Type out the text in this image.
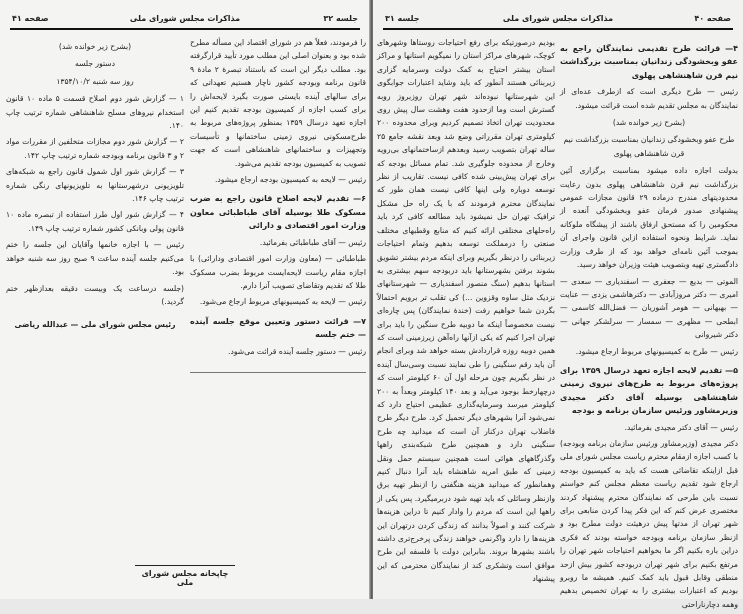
جلسه ۳۲
مذاکرات مجلس شورای ملی
صفحه ۴۱

را فرمودند، فعلاً هم در شورای اقتصاد این مسأله مطرح شده بود و بعنوان اصلی این مطلب مورد تأیید قرارگرفته بود. مطلب دیگر این است که باستناد تبصرهٔ ۲ مادهٔ ۹ قانون برنامه وبودجه کشور ناچار هستیم تعهداتی که برای سالهای آینده بایستی صورت بگیرد لایحه‌اش را برای کسب اجازه از کمیسیون بودجه تقدیم کنیم این اجازه تعهد درسال ۱۳۵۹ بمنظور پروژه‌های مربوط به طرح‌مسکونی نیروی زمینی ساختمانها و تأسیسات وتجهیزات و ساختمانهای شاهنشاهی است که جهت تصویب به کمیسیون بودجه تقدیم می‌شود.

رئیس — لایحه به کمیسیون بودجه ارجاع میشود.

۶— تقدیم لایحه اصلاح قانون راجع به ضرب مسکوک طلا بوسیله آقای طباطبائی معاون وزارت امور اقتصادی و دارائی

رئیس — آقای طباطبائی بفرمائید.

طباطبائی — (معاون وزارت امور اقتصادی ودارائی) با اجازه مقام ریاست لایحه‌ایست مربوط بضرب مسکوک طلا که تقدیم وتقاضای تصویب آنرا دارم.

رئیس — لایحه به کمیسیونهای مربوط ارجاع می‌شود.

۷— قرائت دستور وتعیین موقع جلسه آینده — ختم جلسه

رئیس — دستور جلسه آینده قرائت می‌شود.

(بشرح زیر خوانده شد)

دستور جلسه

روز سه شنبه ۱۳۵۴/۱۰/۲

۱ — گزارش شور دوم اصلاح قسمت ۵ ماده ۱۰ قانون استخدام نیروهای مسلح شاهنشاهی شماره ترتیب چاپ ۱۴۰.

۲ — گزارش شور دوم مجازات متخلفین از مقررات مواد ۲ و ۳ قانون برنامه وبودجه شماره ترتیب چاپ ۱۴۲.

۳ — گزارش شور اول شمول قانون راجع به شبکه‌های تلویزیونی درشهرستانها به تلویزیونهای رنگی شماره ترتیب چاپ ۱۴۶.

۴ — گزارش شور اول طرز استفاده از تبصره ماده ۱۰ قانون پولی وبانکی کشور شماره ترتیب چاپ ۱۴۹.

رئیس — با اجازه خانمها وآقایان این جلسه را ختم می‌کنیم جلسه آینده ساعت ۹ صبح روز سه شنبه خواهد بود.

(جلسه درساعت یک وبیست دقیقه بعدازظهر ختم گردید.)

رئیس مجلس شورای ملی — عبدالله ریاضی

چاپخانه مجلس شورای ملی
صفحه ۴۰
مذاکرات مجلس شورای ملی
جلسه ۳۱

۴— قرائت طرح تقدیمی نمایندگان راجع به عفو وبخشودگی زندانیان بمناسبت بزرگداشت نیم قرن شاهنشاهی پهلوی

رئیس — طرح دیگری است که ازطرف عده‌ای از نمایندگان به مجلس تقدیم شده است قرائت میشود.

(بشرح زیر خوانده شد)

طرح عفو وبخشودگی زندانیان بمناسبت بزرگداشت نیم قرن شاهنشاهی پهلوی

بدولت اجازه داده میشود بمناسبت برگزاری آئین بزرگداشت نیم قرن شاهنشاهی پهلوی بدون رعایت محدودیتهای مندرج درماده ۲۹ قانون مجازات عمومی پیشنهادی صدور فرمان عفو وبخشودگی آنعده از محکومین را که مستحق ارفاق باشند از پیشگاه ملوکانه نماید. شرایط ونحوه استفاده ازاین قانون واجرای آن بموجب آئین نامه‌ای خواهد بود که از طرف وزارت دادگستری تهیه وبتصویب هیئت وزیران خواهد رسید.

الموتی — بدیع — جعفری — اسفندیاری — سعدی — امیری — دکتر مروزآبادی — دکترهاشمی یزدی — عنایت — بهبهانی — هومر آشوریان — فضل‌الله کاسمی — ابطحی — مظهری — سمسار — سرلشکر جهانی — دکتر شیروانی

رئیس — طرح به کمیسیونهای مربوط ارجاع میشود.

۵— تقدیم لایحه اجازه تعهد درسال ۱۳۵۹ برای پروژه‌های مربوط به طرح‌های نیروی زمینی شاهنشاهی بوسیله آقای دکتر مجیدی وزیرمشاور ورئیس سازمان برنامه و بودجه

رئیس — آقای دکتر مجیدی بفرمائید.

دکتر مجیدی (وزیرمشاور ورئیس سازمان برنامه وبودجه) با کسب اجازه ازمقام محترم ریاست مجلس شورای ملی قبل ازاینکه تقاضائی هست که باید به کمیسیون بودجه ارجاع شود تقدیم ریاست معظم مجلس کنم خواستم نسبت باین طرحی که نمایندگان محترم پیشنهاد کردند مختصری عرض کنم که این فکر پیدا کردن منابعی برای شهر تهران از مدتها پیش درهیئت دولت مطرح بود و ازنظر سازمان برنامه وبودجه خواسته بودند که فکری دراین باره بکنیم اگر ما بخواهیم احتیاجات شهر تهران را مرتفع بکنیم برای شهر تهران دربودجه کشور بیش ازحد منطقی وقابل قبول باید کمک کنیم. همیشه ما روبرو بودیم که اعتبارات بیشتری را به تهران تخصیص بدهیم وهمه دچارناراحتی

بودیم درصورتیکه برای رفع احتیاجات روستاها وشهرهای کوچک، شهرهای مراکز استان را نمیگویم استانها و مراکز استان بیشتر احتیاج به کمک دولت وسرمایه گزاری زیربنائی هستند آنطور که باید وشاید اعتبارات جوابگوی این شهرستانها نبوده‌اند شهر تهران روزبروز روبه گسترش است وما ازحدود هفت وهشت سال پیش روی محدودیت تهران اتخاذ تصمیم کردیم وبرای محدوده ۲۰۰ کیلومتری تهران مقرراتی وضع شد وبعد نقشه جامع ۲۵ ساله تهران بتصویب رسید وبعدهم ازساختمانهای بی‌رویه وخارج از محدوده جلوگیری شد. تمام مسائل بودجه که برای تهران پیش‌بینی شده کافی نیست. تقاریب از نظر توسعه دوباره ولی اینها کافی نیست همان طور که نمایندگان محترم فرمودند که با یک راه حل مشکل ترافیک تهران حل نمیشود باید مطالعه کافی کرد باید راه‌حلهای مختلفی ارائه کنیم که منابع وقطبهای مختلف صنعتی را درمملکت توسعه بدهیم وتمام احتیاجات زیربنائی را درنظر بگیریم وبرای اینکه مردم بیشتر تشویق بشوند برفتن بشهرستانها باید دربودجه سهم بیشتری به استانها بدهیم (سنگ منصور اسفندیاری — شهرستانهای نزدیک مثل ساوه وقزوین ...) کی تقلب تر برویم احتمالاً بگردن شما خواهیم رفت (خندهٔ نمایندگان) پس چاره‌ای نیست مخصوصاً اینکه ما دوبیه طرح سنگین را باید برای تهران اجرا کنیم که یکی ازآنها راه‌آهن زیرزمینی است که همین دوبیه روزه قراردادش بسته خواهد شد وبرای انجام آن باید رقم سنگینی را طی نمایند نسبت وسی‌سال آینده در نظر بگیریم چون مرحله اول آن ۶۰ کیلومتر است که درچهارخط بوجود می‌آید و بعد ۱۴۰ کیلومتر وبعداً به ۲۰۰ کیلومتر میرسد وسرمایه‌گذاری عظیمی احتیاج دارد که نمی‌شود آنرا بشهرهای دیگر تحمیل کرد. طرح دیگر طرح فاضلاب تهران درکنار آن است که میدانید چه طرح سنگینی دارد و همچنین طرح شبکه‌بندی راهها وگذرگاههای هوائی است همچنین سیستم حمل ونقل زمینی که طبق امریه شاهنشاه باید آنرا دنبال کنیم وهمانطور که میدانید هزینه هنگفتی را ازنظر تهیه برق وازنظر وسائلی که باید تهیه شود دربرمیگیرد. پس یکی از راهها این است که مردم را وادار کنیم تا دراین هزینه‌ها شرکت کنند و اصولاً بدانند که زندگی کردن درتهران این هزینه‌ها را دارد واگرنمی خواهند زندگی پرخرج‌تری داشته باشند بشهرها بروند. بنابراین دولت با فلسفه این طرح موافق است وتشکری کند از نمایندگان محترمی که این پیشنهاد
